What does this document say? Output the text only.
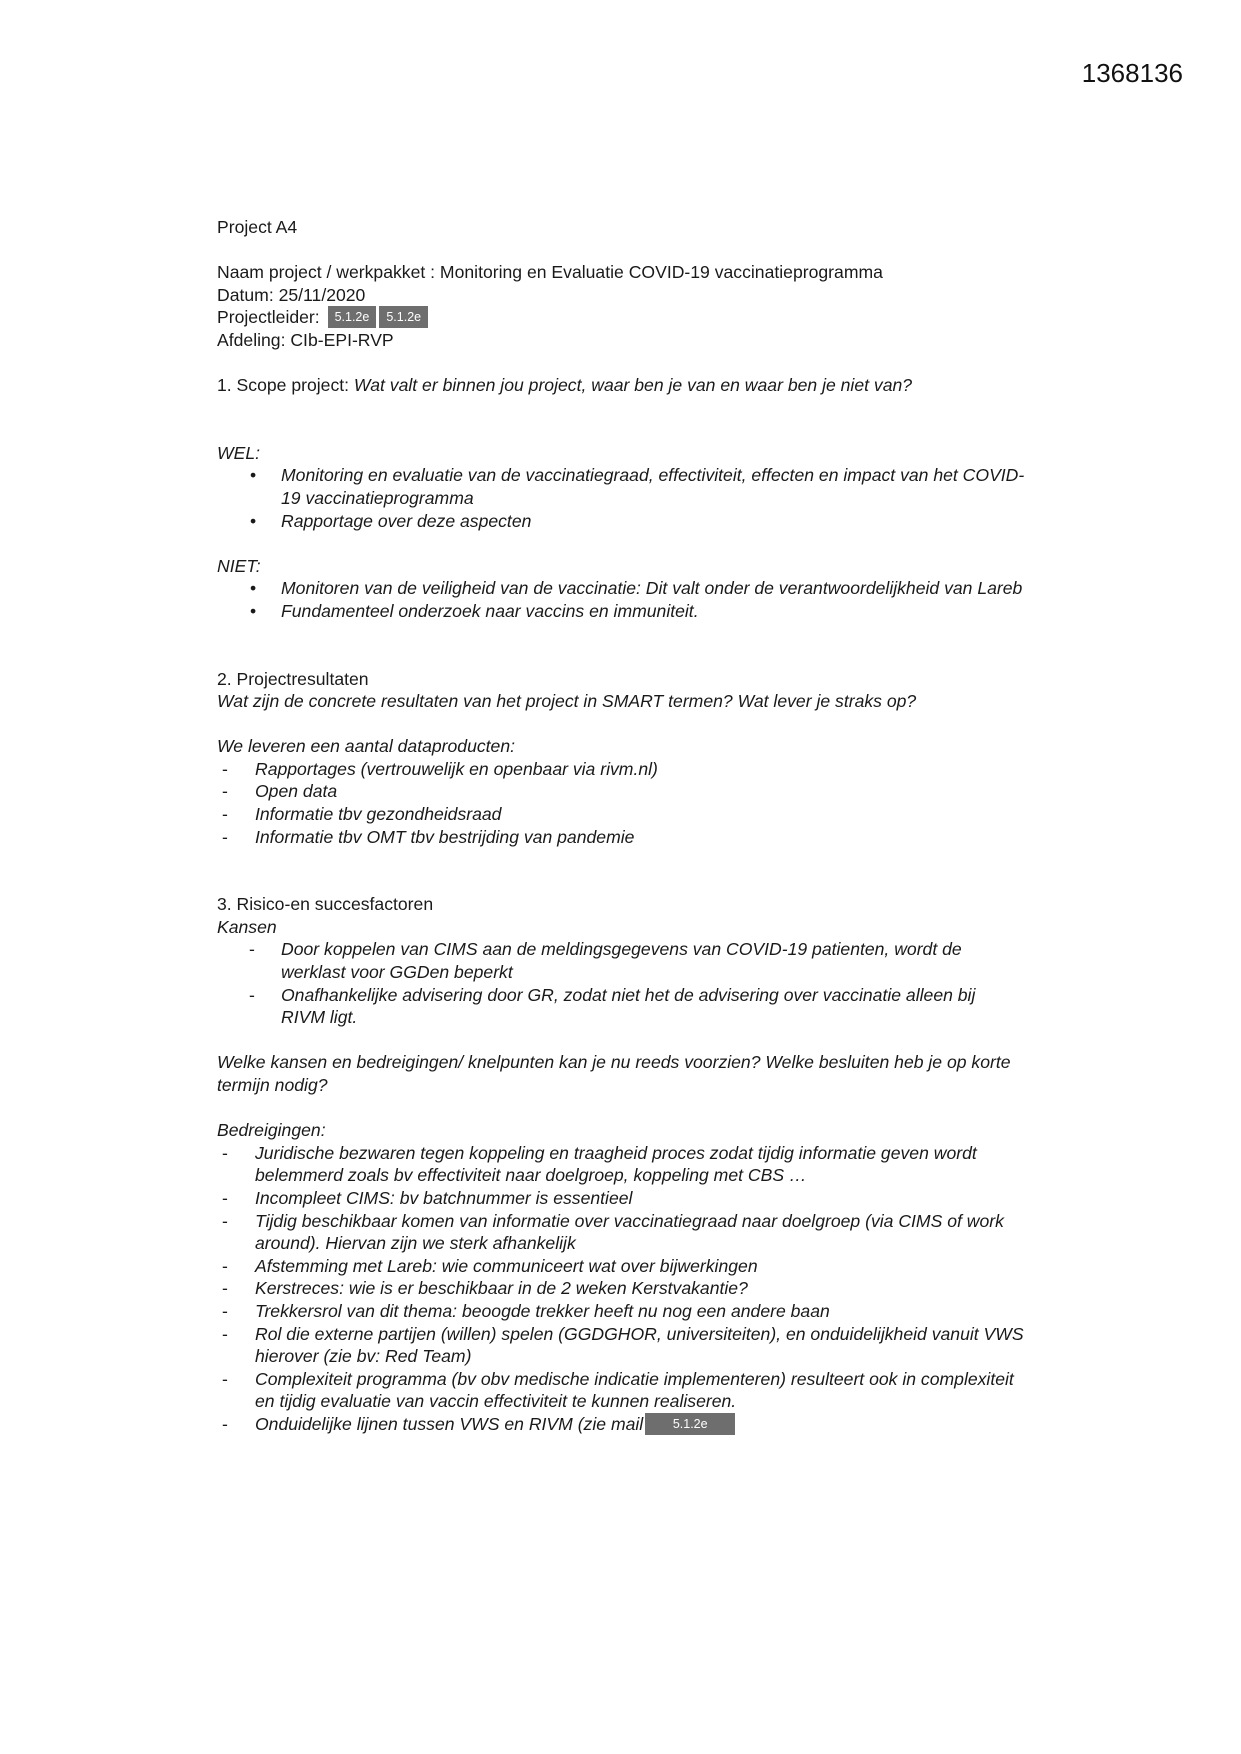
1368136
Project A4
Naam project / werkpakket : Monitoring en Evaluatie COVID-19 vaccinatieprogramma
Datum: 25/11/2020
Projectleider: 5.1.2e 5.1.2e
Afdeling: CIb-EPI-RVP
1. Scope project: Wat valt er binnen jou project, waar ben je van en waar ben je niet van?
WEL:
• Monitoring en evaluatie van de vaccinatiegraad, effectiviteit, effecten en impact van het COVID-19 vaccinatieprogramma
• Rapportage over deze aspecten
NIET:
• Monitoren van de veiligheid van de vaccinatie: Dit valt onder de verantwoordelijkheid van Lareb
• Fundamenteel onderzoek naar vaccins en immuniteit.
2. Projectresultaten
Wat zijn de concrete resultaten van het project in SMART termen? Wat lever je straks op?
We leveren een aantal dataproducten:
- Rapportages (vertrouwelijk en openbaar via rivm.nl)
- Open data
- Informatie tbv gezondheidsraad
- Informatie tbv OMT tbv bestrijding van pandemie
3. Risico-en succesfactoren
Kansen
- Door koppelen van CIMS aan de meldingsgegevens van COVID-19 patienten, wordt de werklast voor GGDen beperkt
- Onafhankelijke advisering door GR, zodat niet het de advisering over vaccinatie alleen bij RIVM ligt.
Welke kansen en bedreigingen/ knelpunten kan je nu reeds voorzien? Welke besluiten heb je op korte termijn nodig?
Bedreigingen:
- Juridische bezwaren tegen koppeling en traagheid proces zodat tijdig informatie geven wordt belemmerd zoals bv effectiviteit naar doelgroep, koppeling met CBS …
- Incompleet CIMS: bv batchnummer is essentieel
- Tijdig beschikbaar komen van informatie over vaccinatiegraad naar doelgroep (via CIMS of work around). Hiervan zijn we sterk afhankelijk
- Afstemming met Lareb: wie communiceert wat over bijwerkingen
- Kerstreces: wie is er beschikbaar in de 2 weken Kerstvakantie?
- Trekkersrol van dit thema: beoogde trekker heeft nu nog een andere baan
- Rol die externe partijen (willen) spelen (GGDGHOR, universiteiten), en onduidelijkheid vanuit VWS hierover (zie bv: Red Team)
- Complexiteit programma (bv obv medische indicatie implementeren) resulteert ook in complexiteit en tijdig evaluatie van vaccin effectiviteit te kunnen realiseren.
- Onduidelijke lijnen tussen VWS en RIVM (zie mail 5.1.2e
